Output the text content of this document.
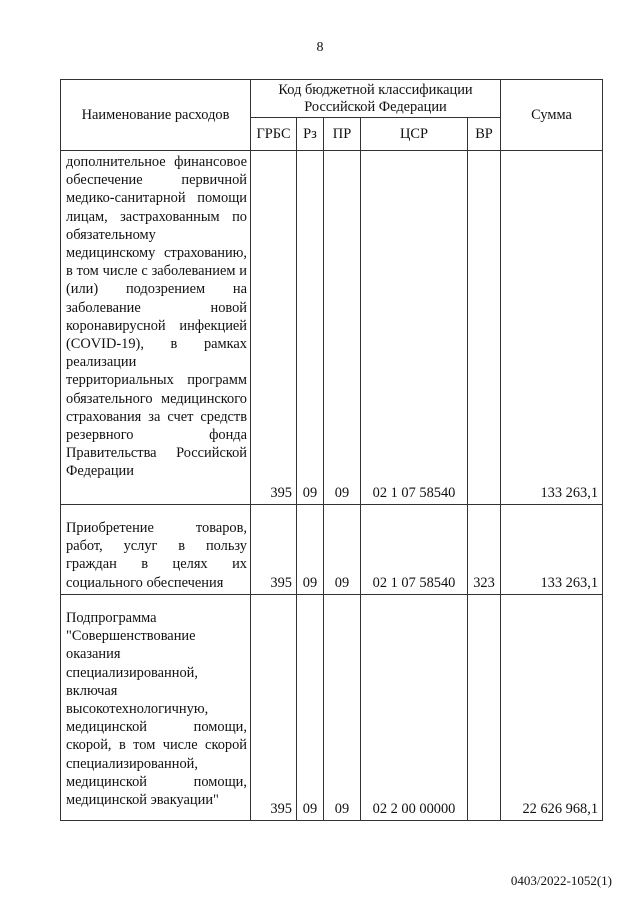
8
Наименование расходов	Код бюджетной классификации Российской Федерации					Сумма
	ГРБС	Рз	ПР	ЦСР	ВР	
дополнительное финансовое обеспечение первичной медико-санитарной помощи лицам, застрахованным по обязательному медицинскому страхованию, в том числе с заболеванием и (или) подозрением на заболевание новой коронавирусной инфекцией (COVID-19), в рамках реализации территориальных программ обязательного медицинского страхования за счет средств резервного фонда Правительства Российской Федерации	395	09	09	02 1 07 58540		133 263,1
Приобретение товаров, работ, услуг в пользу граждан в целях их социального обеспечения	395	09	09	02 1 07 58540	323	133 263,1
Подпрограмма "Совершенствование оказания специализированной, включая высокотехнологичную, медицинской помощи, скорой, в том числе скорой специализированной, медицинской помощи, медицинской эвакуации"	395	09	09	02 2 00 00000		22 626 968,1
0403/2022-1052(1)
